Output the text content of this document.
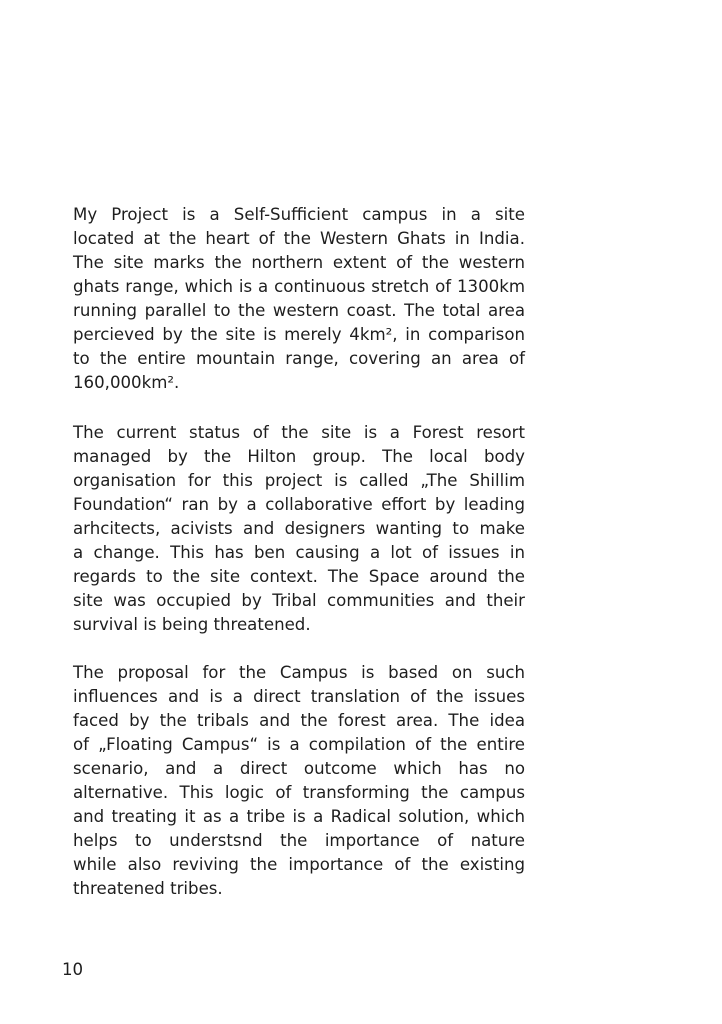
My Project is a Self-Sufficient campus in a site
located at the heart of the Western Ghats in India.
The site marks the northern extent of the western
ghats range, which is a continuous stretch of 1300km
running parallel to the western coast. The total area
percieved by the site is merely 4km², in comparison
to the entire mountain range, covering an area of
160,000km².
The current status of the site is a Forest resort
managed by the Hilton group. The local body
organisation for this project is called „The Shillim
Foundation“ ran by a collaborative effort by leading
arhcitects, acivists and designers wanting to make
a change. This has ben causing a lot of issues in
regards to the site context. The Space around the
site was occupied by Tribal communities and their
survival is being threatened.
The proposal for the Campus is based on such
influences and is a direct translation of the issues
faced by the tribals and the forest area. The idea
of „Floating Campus“ is a compilation of the entire
scenario, and a direct outcome which has no
alternative. This logic of transforming the campus
and treating it as a tribe is a Radical solution, which
helps to understsnd the importance of nature
while also reviving the importance of the existing
threatened tribes.
10
